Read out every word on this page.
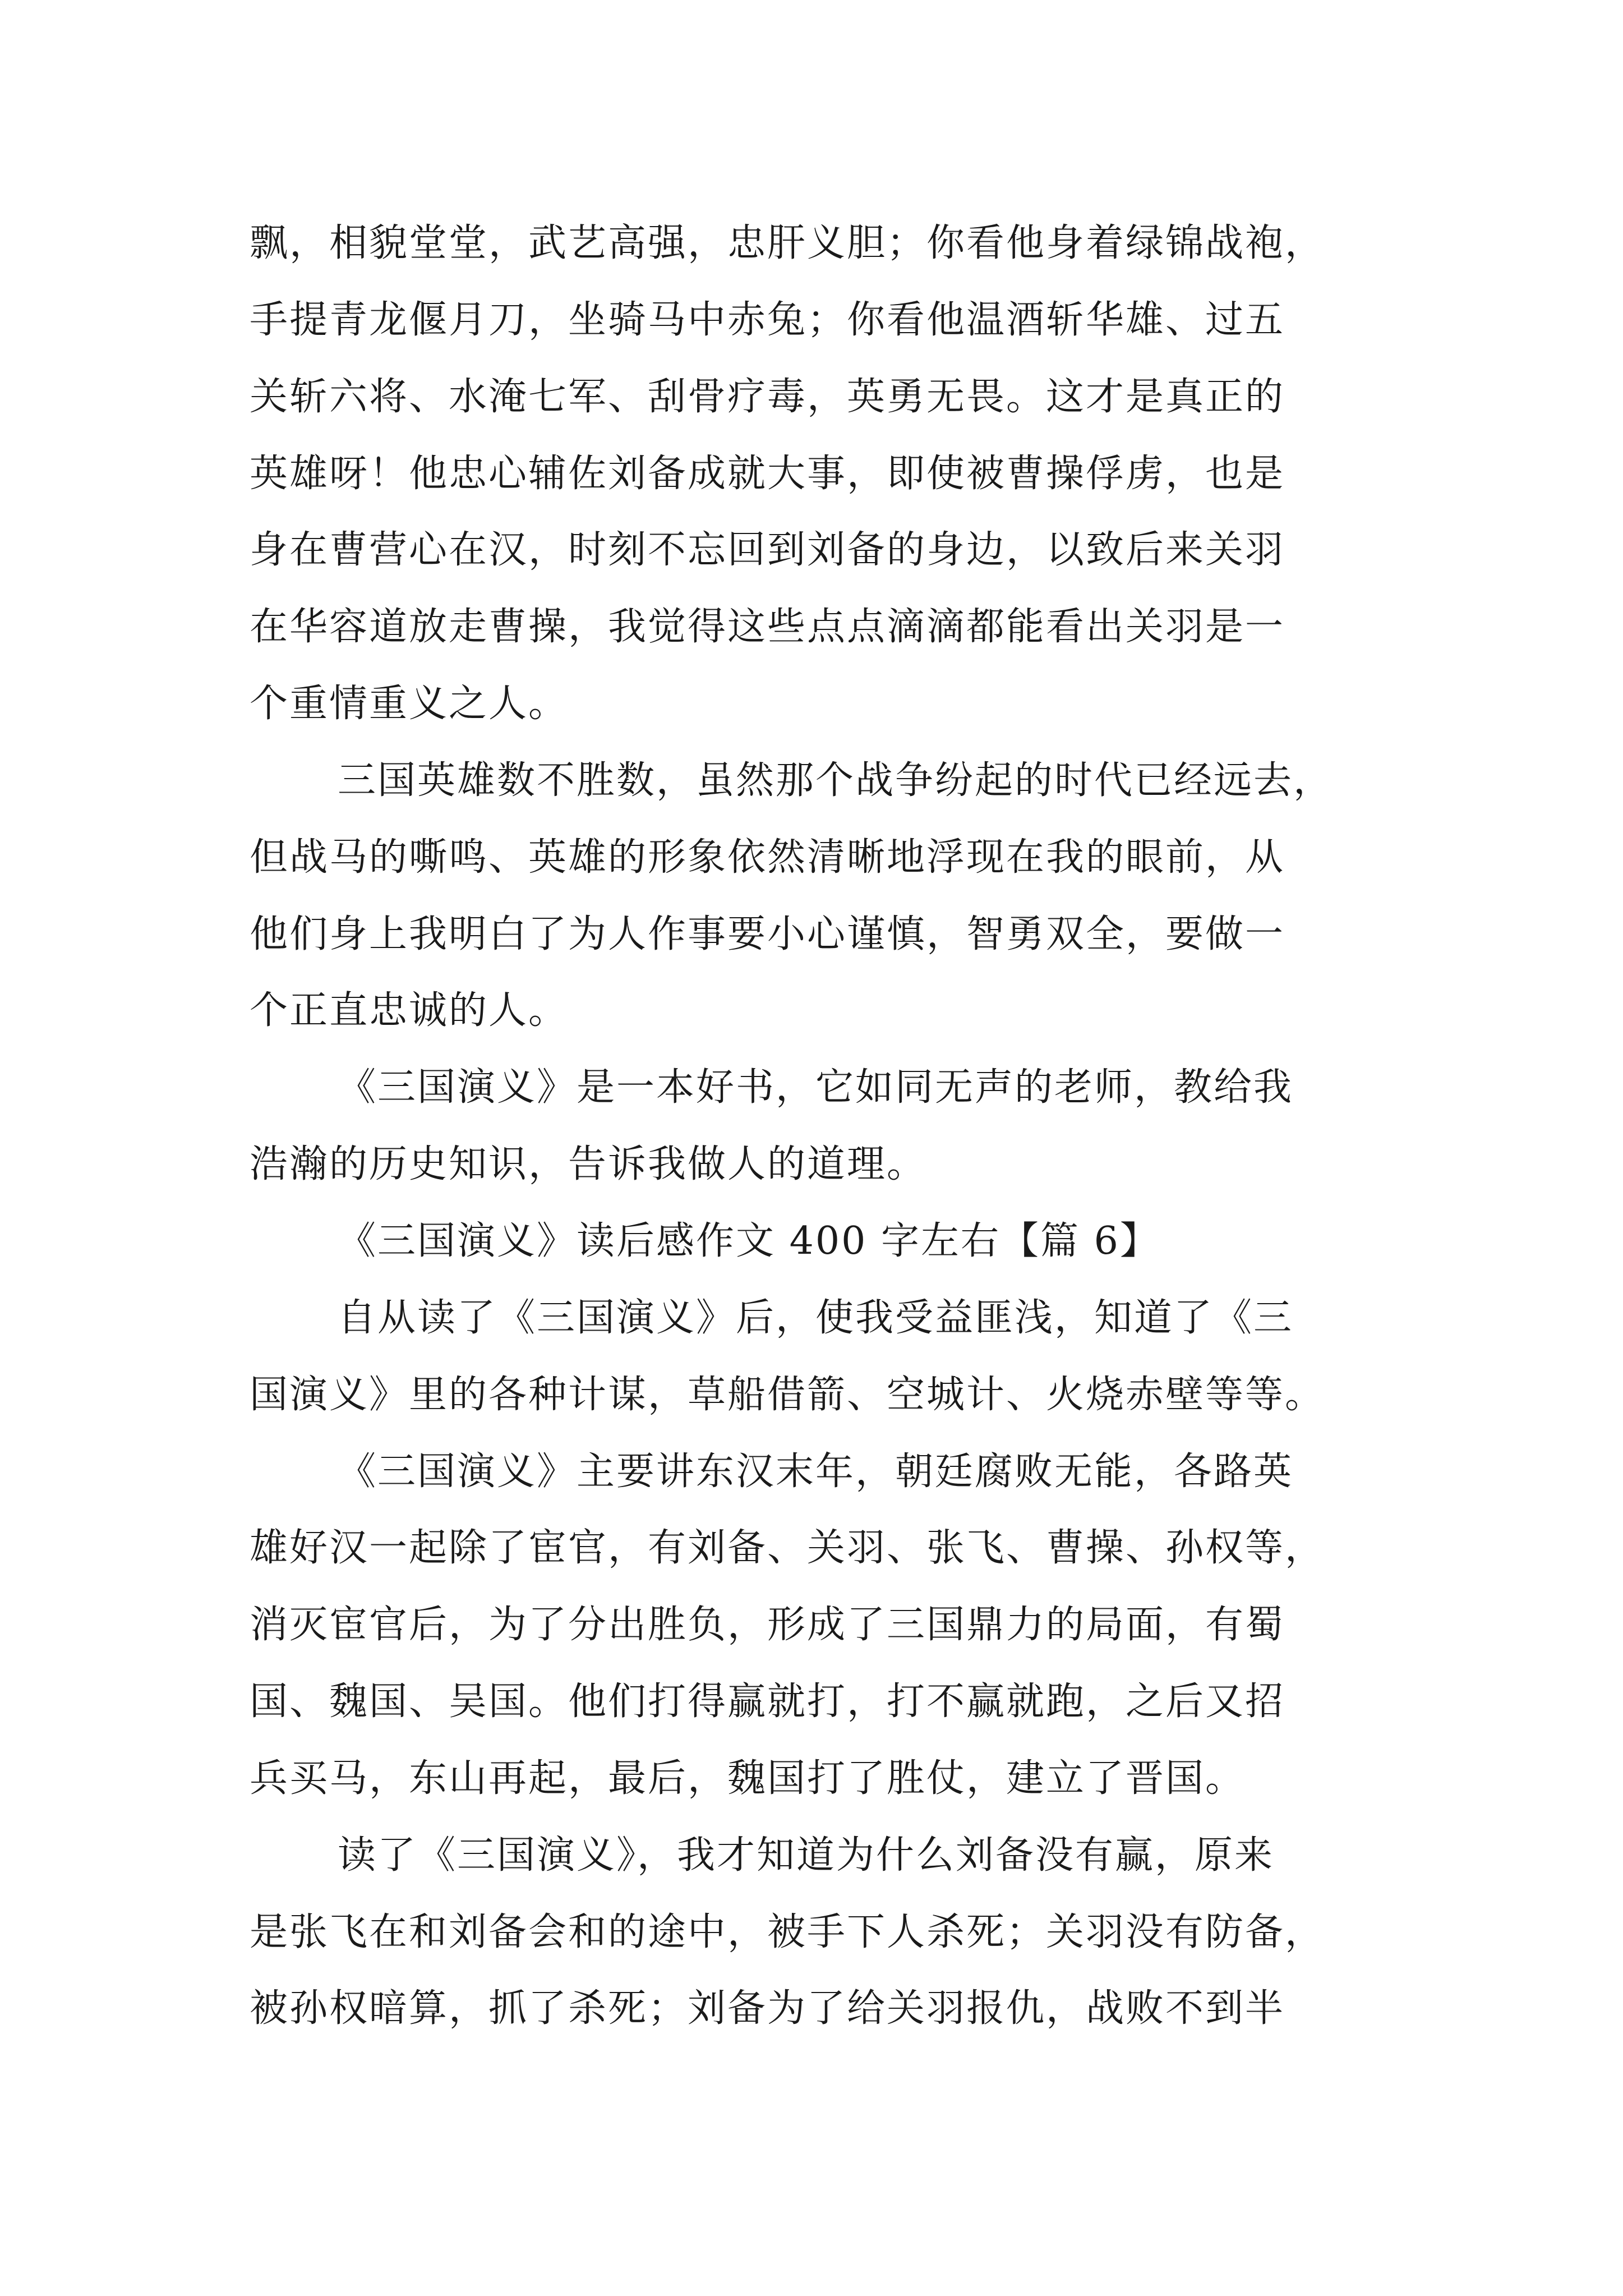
飘，相貌堂堂，武艺高强，忠肝义胆；你看他身着绿锦战袍，
手提青龙偃月刀，坐骑马中赤兔；你看他温酒斩华雄、过五
关斩六将、水淹七军、刮骨疗毒，英勇无畏。这才是真正的
英雄呀！他忠心辅佐刘备成就大事，即使被曹操俘虏，也是
身在曹营心在汉，时刻不忘回到刘备的身边，以致后来关羽
在华容道放走曹操，我觉得这些点点滴滴都能看出关羽是一
个重情重义之人。
三国英雄数不胜数，虽然那个战争纷起的时代已经远去，
但战马的嘶鸣、英雄的形象依然清晰地浮现在我的眼前，从
他们身上我明白了为人作事要小心谨慎，智勇双全，要做一
个正直忠诚的人。
《三国演义》是一本好书，它如同无声的老师，教给我
浩瀚的历史知识，告诉我做人的道理。
《三国演义》读后感作文 400 字左右【篇 6】
自从读了《三国演义》后，使我受益匪浅，知道了《三
国演义》里的各种计谋，草船借箭、空城计、火烧赤壁等等。
《三国演义》主要讲东汉末年，朝廷腐败无能，各路英
雄好汉一起除了宦官，有刘备、关羽、张飞、曹操、孙权等，
消灭宦官后，为了分出胜负，形成了三国鼎力的局面，有蜀
国、魏国、吴国。他们打得赢就打，打不赢就跑，之后又招
兵买马，东山再起，最后，魏国打了胜仗，建立了晋国。
读了《三国演义》，我才知道为什么刘备没有赢，原来
是张飞在和刘备会和的途中，被手下人杀死；关羽没有防备，
被孙权暗算，抓了杀死；刘备为了给关羽报仇，战败不到半
